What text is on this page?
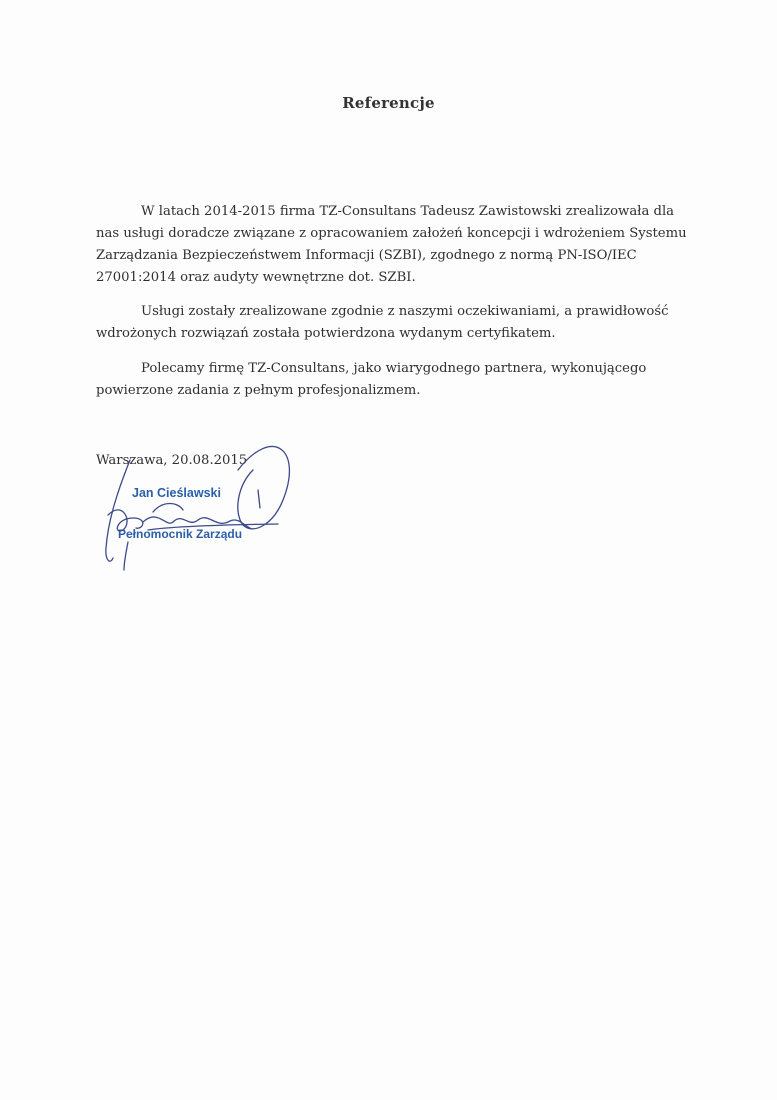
Referencje

W latach 2014-2015 firma TZ-Consultans Tadeusz Zawistowski zrealizowała dla
nas usługi doradcze związane z opracowaniem założeń koncepcji i wdrożeniem Systemu
Zarządzania Bezpieczeństwem Informacji (SZBI), zgodnego z normą PN-ISO/IEC
27001:2014 oraz audyty wewnętrzne dot. SZBI.

Usługi zostały zrealizowane zgodnie z naszymi oczekiwaniami, a prawidłowość
wdrożonych rozwiązań została potwierdzona wydanym certyfikatem.

Polecamy firmę TZ-Consultans, jako wiarygodnego partnera, wykonującego
powierzone zadania z pełnym profesjonalizmem.

Warszawa, 20.08.2015
Jan Cieślawski
Pełnomocnik Zarządu
